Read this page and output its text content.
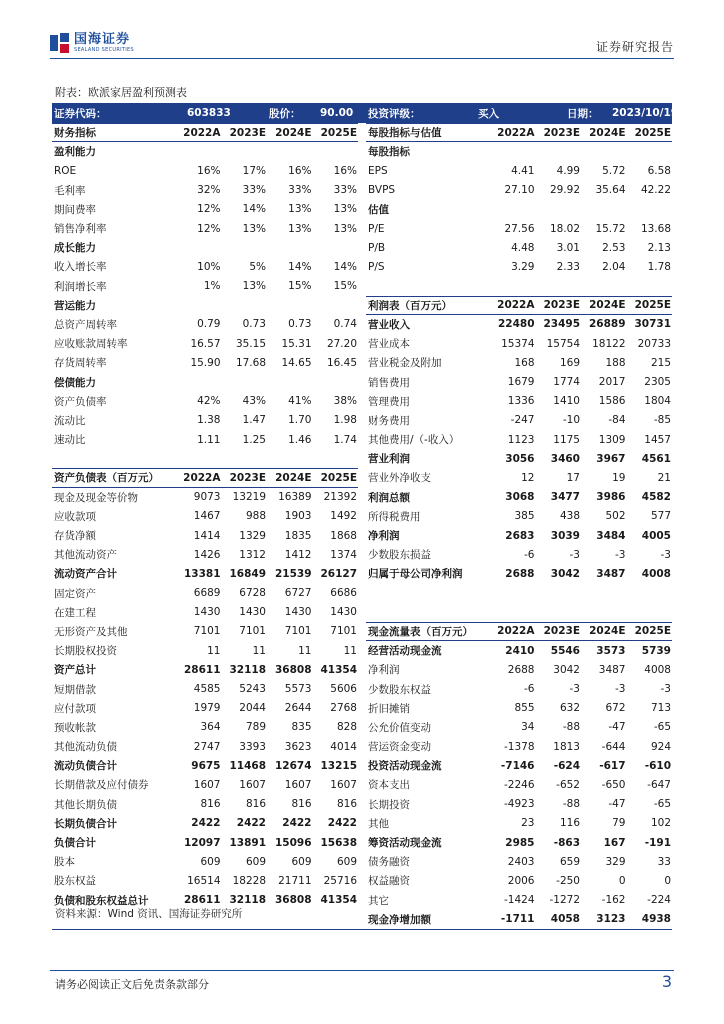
国海证券
SEALAND SECURITIES	证券研究报告
附表：欧派家居盈利预测表
证券代码：	603833	股价： 90.00 投资评级：	买入	日期： 2023/10/19
财务指标	2022A 2023E 2024E 2025E
盈利能力
ROE	16%	17%	16%	16%
毛利率	32%	33%	33%	33%
期间费率	12%	14%	13%	13%
销售净利率	12%	13%	13%	13%
成长能力
收入增长率	10%	5%	14%	14%
利润增长率	1%	13%	15%	15%
营运能力
总资产周转率	0.79	0.73	0.73	0.74
应收账款周转率	16.57	35.15	15.31	27.20
存货周转率	15.90	17.68	14.65	16.45
偿债能力
资产负债率	42%	43%	41%	38%
流动比	1.38	1.47	1.70	1.98
速动比	1.11	1.25	1.46	1.74
资产负债表（百万元）	2022A 2023E 2024E 2025E
现金及现金等价物	9073	13219	16389	21392
应收款项	1467	988	1903	1492
存货净额	1414	1329	1835	1868
其他流动资产	1426	1312	1412	1374
流动资产合计	13381 16849 21539 26127
固定资产	6689	6728	6727	6686
在建工程	1430	1430	1430	1430
无形资产及其他	7101	7101	7101	7101
长期股权投资	11	11	11	11
资产总计	28611 32118 36808 41354
短期借款	4585	5243	5573	5606
应付款项	1979	2044	2644	2768
预收帐款	364	789	835	828
其他流动负债	2747	3393	3623	4014
流动负债合计	9675 11468 12674 13215
长期借款及应付债券	1607	1607	1607	1607
其他长期负债	816	816	816	816
长期负债合计	2422	2422	2422	2422
负债合计	12097 13891 15096 15638
股本	609	609	609	609
股东权益	16514	18228	21711	25716
负债和股东权益总计	28611 32118 36808 41354
每股指标与估值	2022A 2023E 2024E 2025E
每股指标
EPS	4.41	4.99	5.72	6.58
BVPS	27.10	29.92	35.64	42.22
估值
P/E	27.56	18.02	15.72	13.68
P/B	4.48	3.01	2.53	2.13
P/S	3.29	2.33	2.04	1.78
利润表（百万元）	2022A 2023E 2024E 2025E
营业收入	22480 23495 26889 30731
营业成本	15374	15754	18122	20733
营业税金及附加	168	169	188	215
销售费用	1679	1774	2017	2305
管理费用	1336	1410	1586	1804
财务费用	-247	-10	-84	-85
其他费用/（-收入）	1123	1175	1309	1457
营业利润	3056	3460	3967	4561
营业外净收支	12	17	19	21
利润总额	3068	3477	3986	4582
所得税费用	385	438	502	577
净利润	2683	3039	3484	4005
少数股东损益	-6	-3	-3	-3
归属于母公司净利润	2688	3042	3487	4008
现金流量表（百万元）	2022A 2023E 2024E 2025E
经营活动现金流	2410	5546	3573	5739
净利润	2688	3042	3487	4008
少数股东权益	-6	-3	-3	-3
折旧摊销	855	632	672	713
公允价值变动	34	-88	-47	-65
营运资金变动	-1378	1813	-644	924
投资活动现金流	-7146	-624	-617	-610
资本支出	-2246	-652	-650	-647
长期投资	-4923	-88	-47	-65
其他	23	116	79	102
筹资活动现金流	2985	-863	167	-191
债务融资	2403	659	329	33
权益融资	2006	-250	0	0
其它	-1424	-1272	-162	-224
现金净增加额	-1711	4058	3123	4938
资料来源：Wind 资讯、国海证券研究所
请务必阅读正文后免责条款部分	3
